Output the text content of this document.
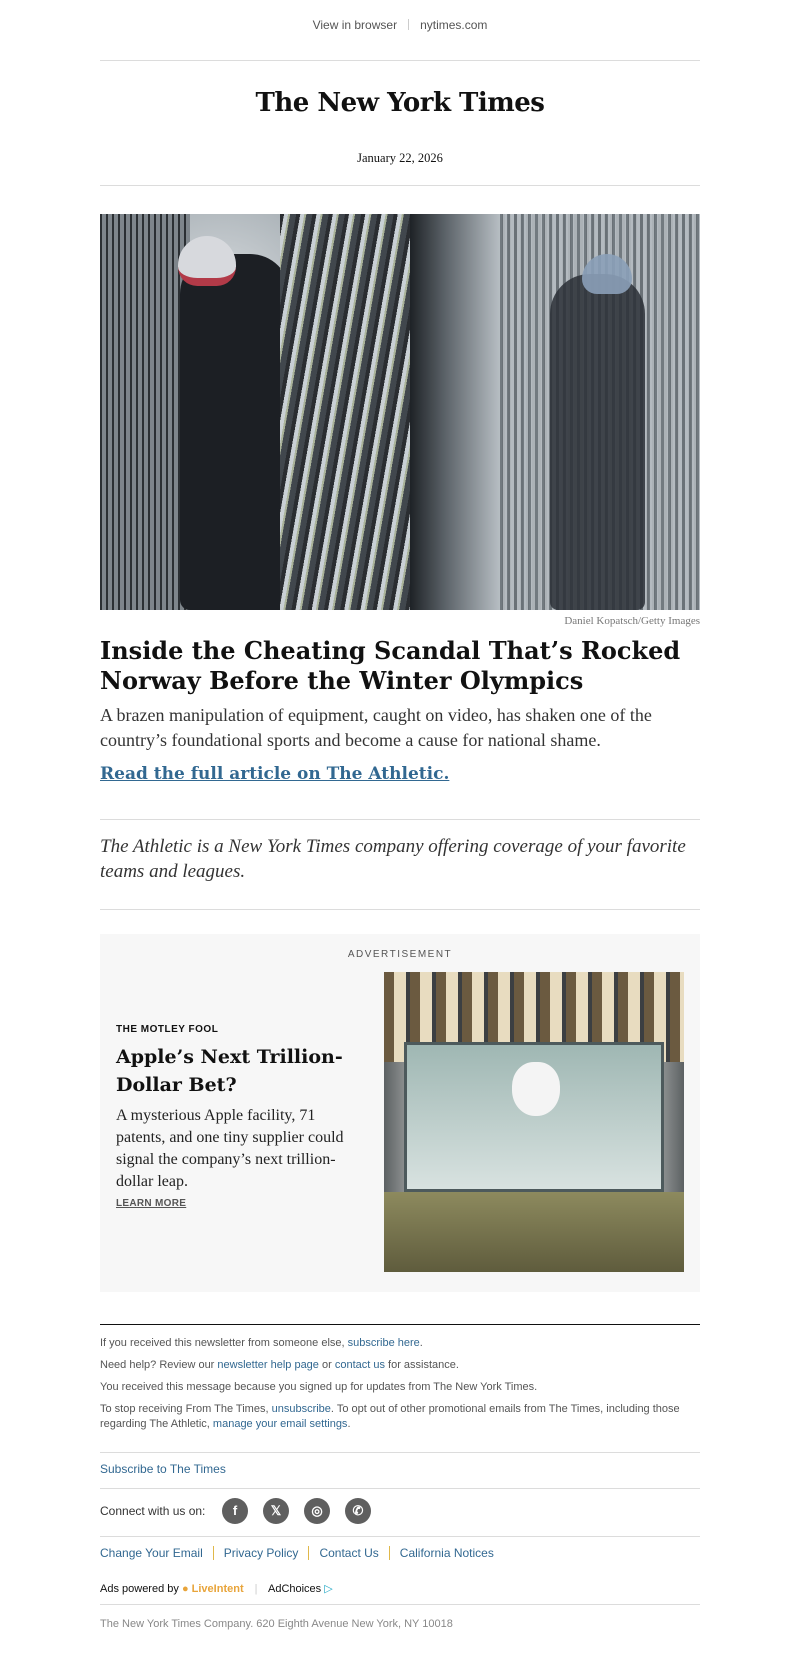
View in browser nytimes.com
The New York Times
January 22, 2026
Daniel Kopatsch/Getty Images
Inside the Cheating Scandal That’s Rocked Norway Before the Winter Olympics
A brazen manipulation of equipment, caught on video, has shaken one of the country’s foundational sports and become a cause for national shame.
Read the full article on The Athletic.
The Athletic is a New York Times company offering coverage of your favorite teams and leagues.
ADVERTISEMENT
THE MOTLEY FOOL
Apple’s Next Trillion-Dollar Bet?
A mysterious Apple facility, 71 patents, and one tiny supplier could signal the company’s next trillion-dollar leap.
LEARN MORE
If you received this newsletter from someone else, subscribe here.
Need help? Review our newsletter help page or contact us for assistance.
You received this message because you signed up for updates from The New York Times.
To stop receiving From The Times, unsubscribe. To opt out of other promotional emails from The Times, including those regarding The Athletic, manage your email settings.
Subscribe to The Times
Connect with us on:	f	𝕏	◎	✆
Change Your Email Privacy Policy Contact Us California Notices
Ads powered by ● LiveIntent | AdChoices ▷
The New York Times Company. 620 Eighth Avenue New York, NY 10018
